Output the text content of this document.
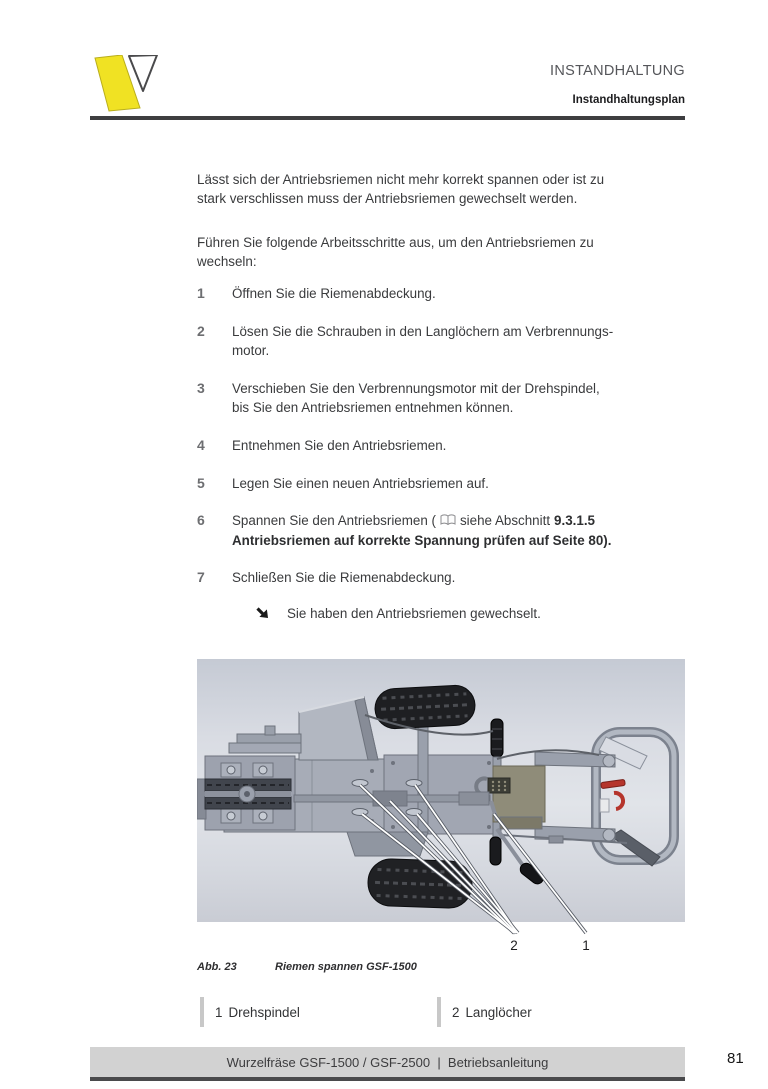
INSTANDHALTUNG
Instandhaltungsplan
Lässt sich der Antriebsriemen nicht mehr korrekt spannen oder ist zu
stark verschlissen muss der Antriebsriemen gewechselt werden.
Führen Sie folgende Arbeitsschritte aus, um den Antriebsriemen zu
wechseln:
1 Öffnen Sie die Riemenabdeckung.
2 Lösen Sie die Schrauben in den Langlöchern am Verbrennungs-
motor.
3 Verschieben Sie den Verbrennungsmotor mit der Drehspindel,
bis Sie den Antriebsriemen entnehmen können.
4 Entnehmen Sie den Antriebsriemen.
5 Legen Sie einen neuen Antriebsriemen auf.
6 Spannen Sie den Antriebsriemen ( siehe Abschnitt 9.3.1.5
Antriebsriemen auf korrekte Spannung prüfen auf Seite 80).
7 Schließen Sie die Riemenabdeckung.
Sie haben den Antriebsriemen gewechselt.
2	1
Abb. 23	Riemen spannen GSF-1500
1 Drehspindel	2 Langlöcher
Wurzelfräse GSF-1500 / GSF-2500  |  Betriebsanleitung	81
